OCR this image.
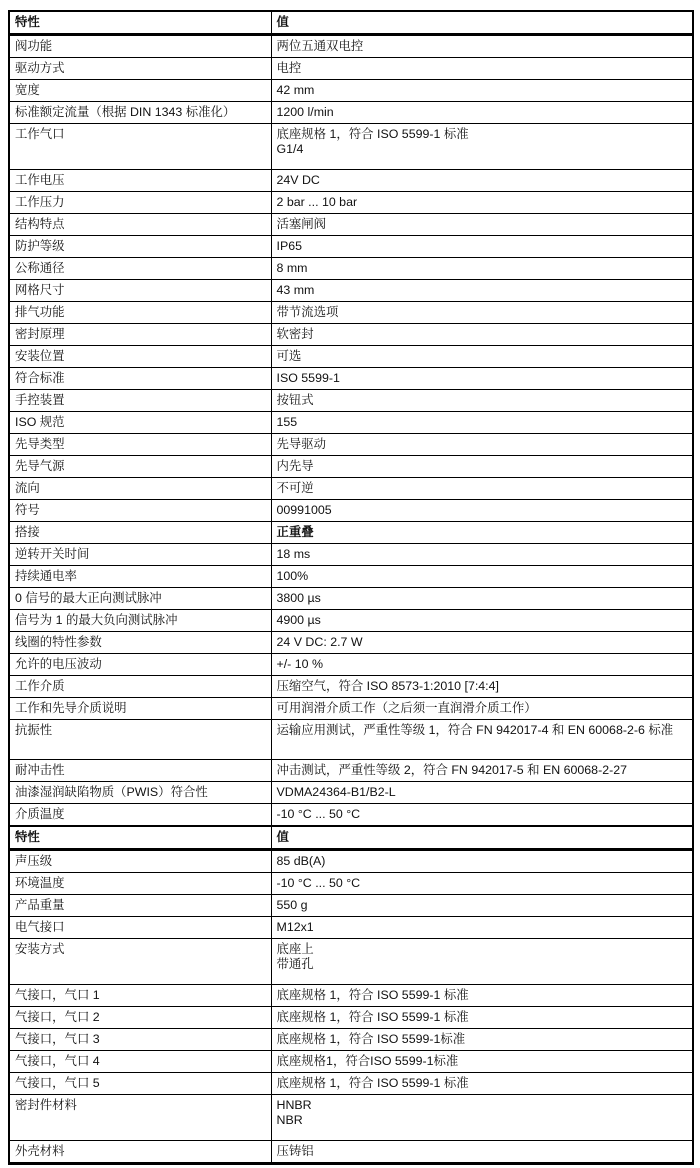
特性	值
阀功能	两位五通双电控

驱动方式	电控

宽度	42 mm

标准额定流量（根据 DIN 1343 标准化）	1200 l/min

工作气口	底座规格 1，符合 ISO 5599-1 标准
G1/4

工作电压	24V DC

工作压力	2 bar ... 10 bar

结构特点	活塞闸阀

防护等级	IP65

公称通径	8 mm

网格尺寸	43 mm

排气功能	带节流选项

密封原理	软密封

安装位置	可选

符合标准	ISO 5599-1

手控装置	按钮式

ISO 规范	155

先导类型	先导驱动

先导气源	内先导

流向	不可逆

符号	00991005

搭接	正重叠

逆转开关时间	18 ms

持续通电率	100%

0 信号的最大正向测试脉冲	3800 µs

信号为 1 的最大负向测试脉冲	4900 µs

线圈的特性参数	24 V DC: 2.7 W

允许的电压波动	+/- 10 %

工作介质	压缩空气，符合 ISO 8573-1:2010 [7:4:4]

工作和先导介质说明	可用润滑介质工作（之后须一直润滑介质工作）

抗振性	运输应用测试，严重性等级 1，符合 FN 942017-4 和 EN 60068-2-6 标准

耐冲击性	冲击测试，严重性等级 2，符合 FN 942017-5 和 EN 60068-2-27

油漆湿润缺陷物质（PWIS）符合性	VDMA24364-B1/B2-L

介质温度	-10 °C ... 50 °C

特性	值
声压级	85 dB(A)

环境温度	-10 °C ... 50 °C

产品重量	550 g

电气接口	M12x1

安装方式	底座上
带通孔

气接口，气口 1	底座规格 1，符合 ISO 5599-1 标准

气接口，气口 2	底座规格 1，符合 ISO 5599-1 标准

气接口，气口 3	底座规格 1，符合 ISO 5599-1标准

气接口，气口 4	底座规格1，符合ISO 5599-1标准

气接口，气口 5	底座规格 1，符合 ISO 5599-1 标准

密封件材料	HNBR
NBR

外壳材料	压铸铝
